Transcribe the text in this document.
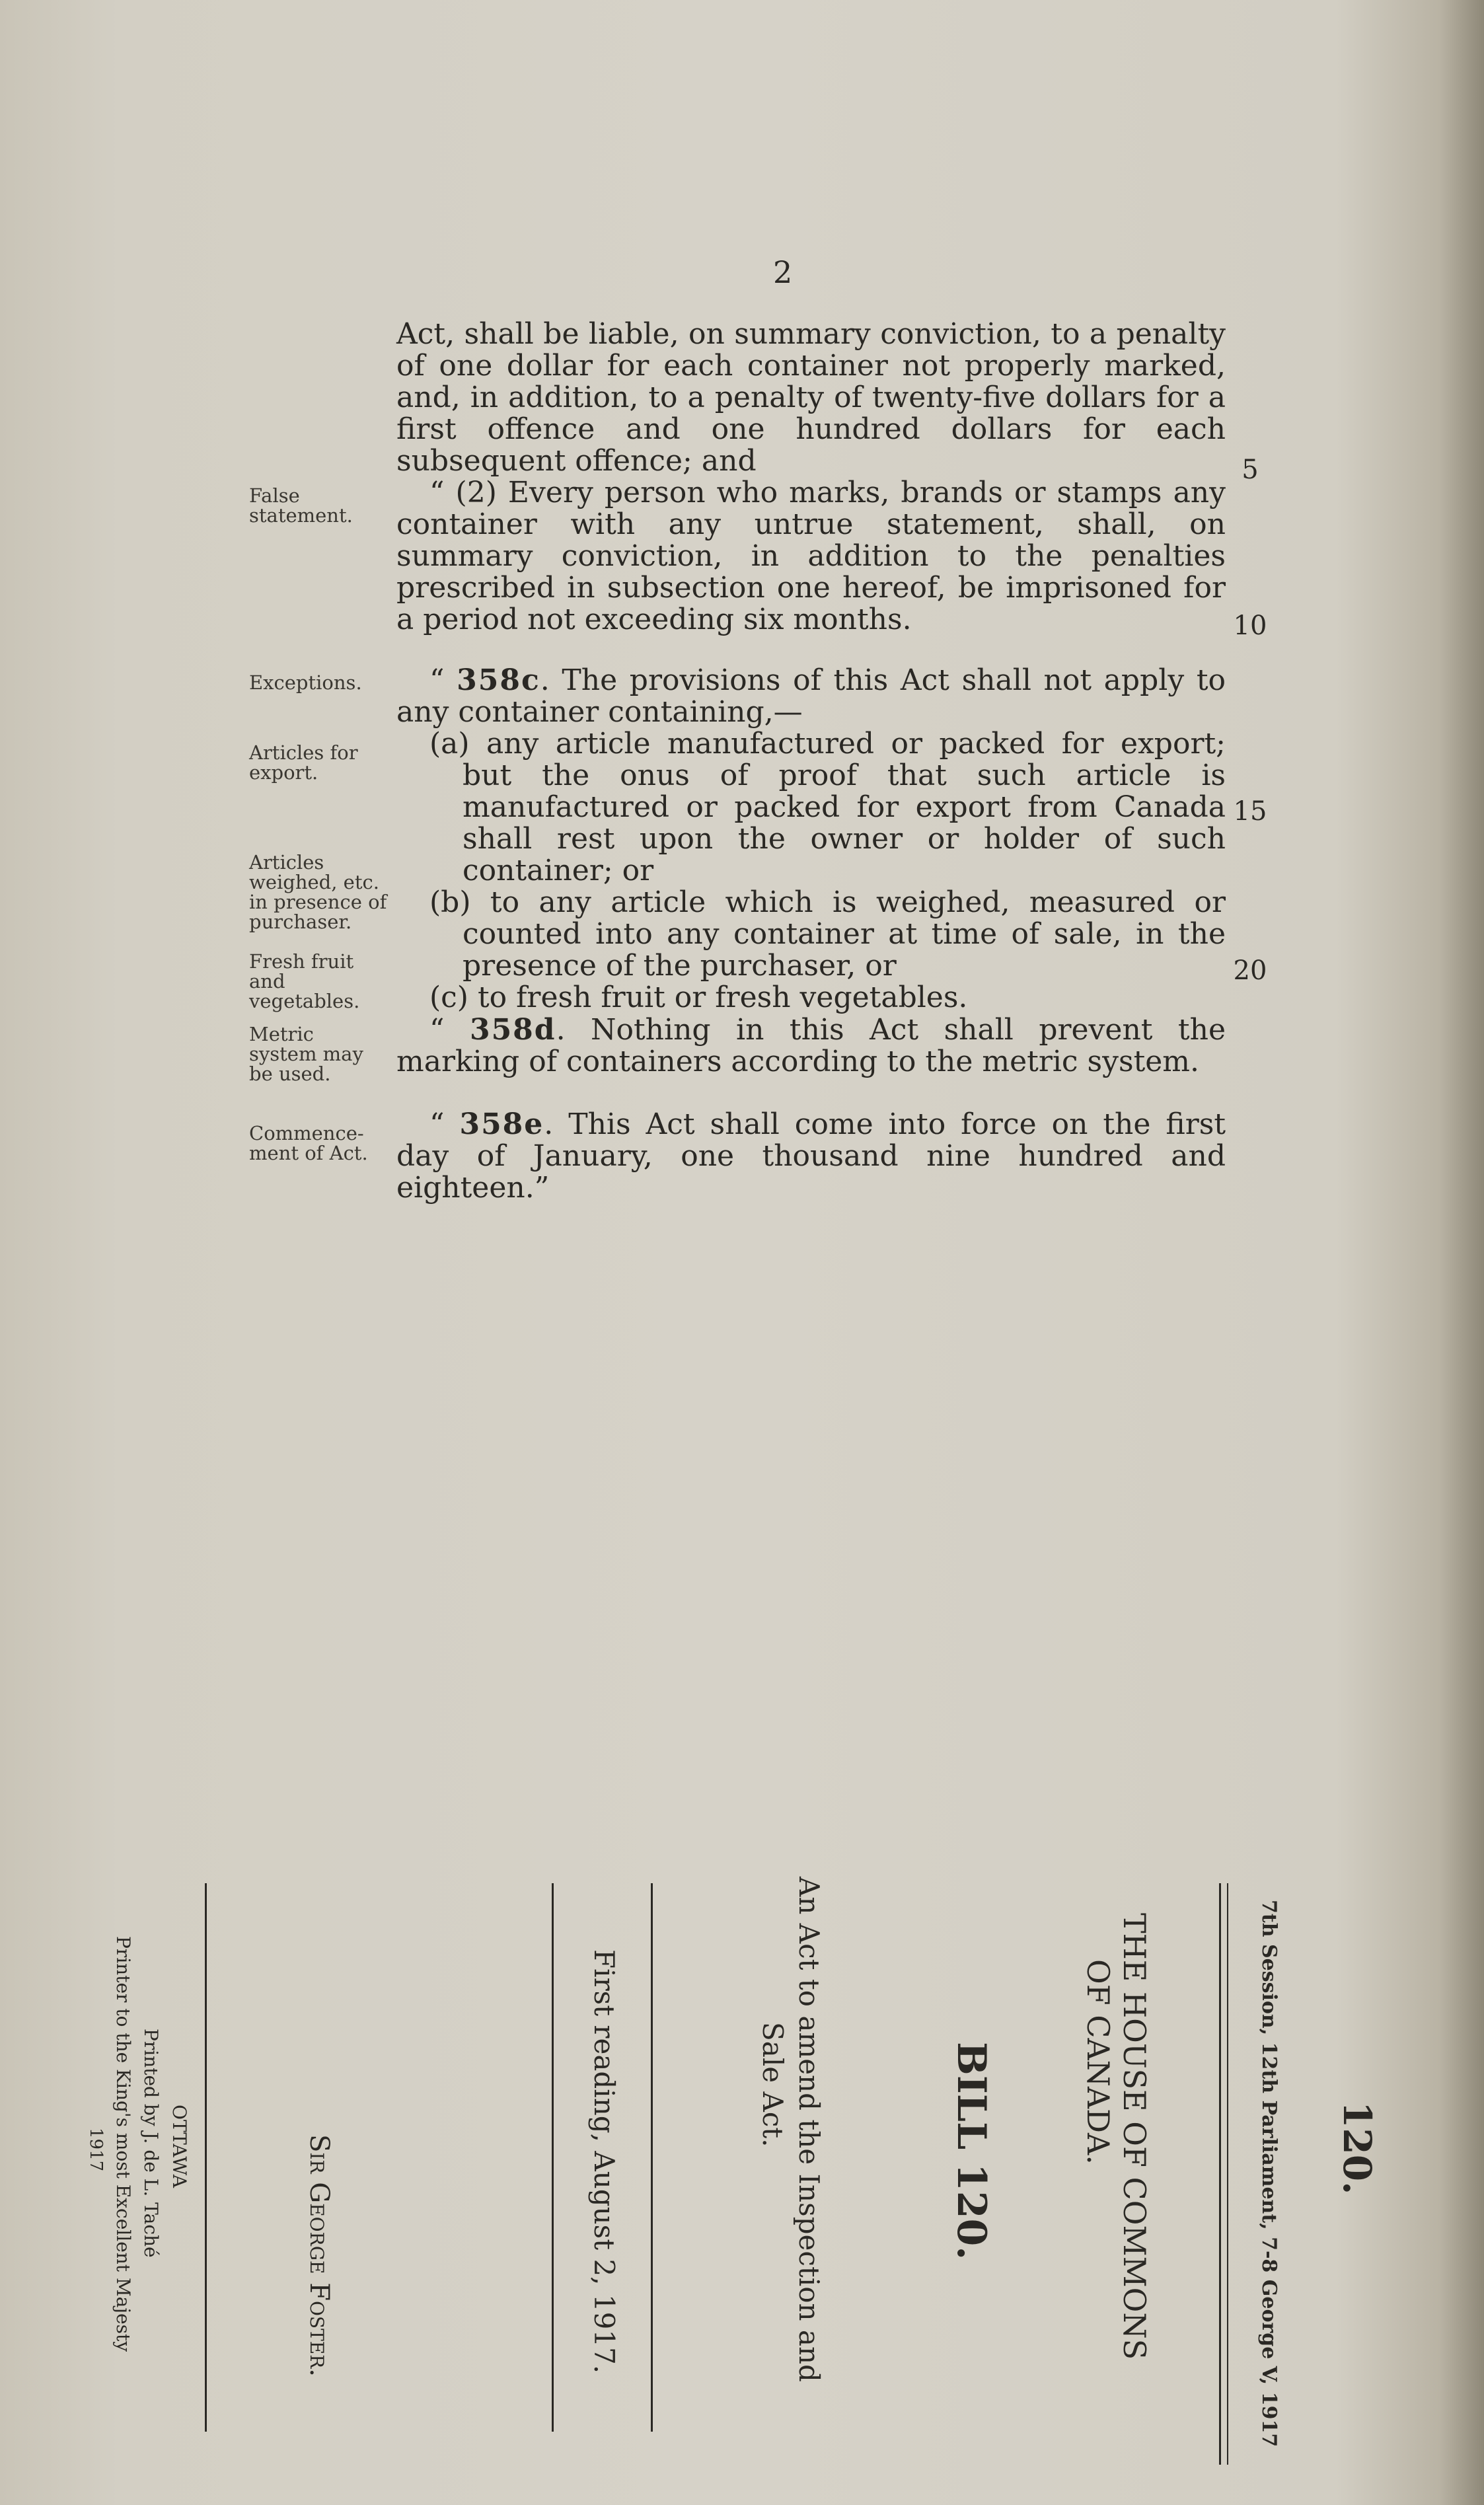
2

Act, shall be liable, on summary conviction, to a penalty of one dollar for each container not properly marked, and, in addition, to a penalty of twenty-five dollars for a first offence and one hundred dollars for each subsequent offence; and

“ (2) Every person who marks, brands or stamps any container with any untrue statement, shall, on summary conviction, in addition to the penalties prescribed in subsection one hereof, be imprisoned for a period not exceeding six months.

“ 358c. The provisions of this Act shall not apply to any container containing,—

(a) any article manufactured or packed for export; but the onus of proof that such article is manufactured or packed for export from Canada shall rest upon the owner or holder of such container; or

(b) to any article which is weighed, measured or counted into any container at time of sale, in the presence of the purchaser, or

(c) to fresh fruit or fresh vegetables.

“ 358d. Nothing in this Act shall prevent the marking of containers according to the metric system.

“ 358e. This Act shall come into force on the first day of January, one thousand nine hundred and eighteen.”

False statement.
Exceptions.
Articles for export.
Articles weighed, etc. in presence of purchaser.
Fresh fruit and vegetables.
Metric system may be used.
Commence-ment of Act.
5
10
15
20
120.
7th Session, 12th Parliament, 7-8 George V, 1917
THE HOUSE OF COMMONS
OF CANADA.
BILL 120.
An Act to amend the Inspection and
Sale Act.
First reading, August 2, 1917.
Sir George Foster.
OTTAWA
Printed by J. de L. Taché
Printer to the King's most Excellent Majesty
1917
